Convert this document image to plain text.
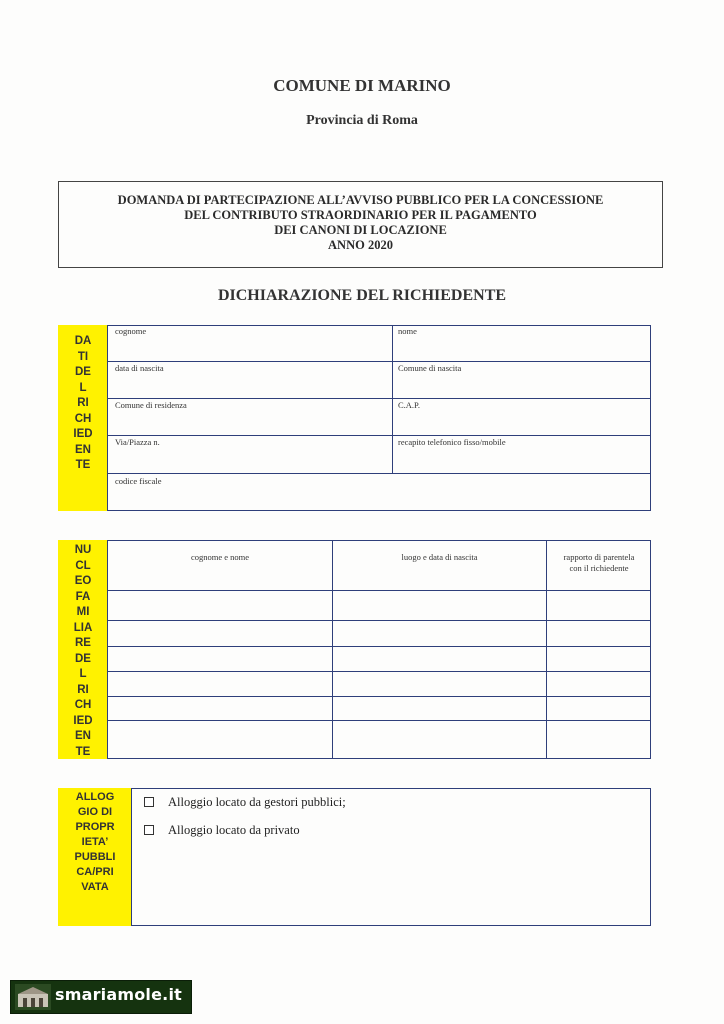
COMUNE DI MARINO
Provincia di Roma
DOMANDA DI PARTECIPAZIONE ALL’AVVISO PUBBLICO PER LA CONCESSIONE
DEL CONTRIBUTO STRAORDINARIO PER IL PAGAMENTO
DEI CANONI DI LOCAZIONE
ANNO 2020
DICHIARAZIONE DEL RICHIEDENTE
DA
TI
DE
L
RI
CH
IED
EN
TE
cognome	nome
data di nascita	Comune di nascita
Comune di residenza	C.A.P.
Via/Piazza n.	recapito telefonico fisso/mobile
codice fiscale
NU
CL
EO
FA
MI
LIA
RE
DE
L
RI
CH
IED
EN
TE
cognome e nome	luogo e data di nascita	rapporto di parentela
con il richiedente
ALLOG
GIO DI
PROPR
IETA’
PUBBLI
CA/PRI
VATA
Alloggio locato da gestori pubblici;
Alloggio locato da privato
smariamole.it
